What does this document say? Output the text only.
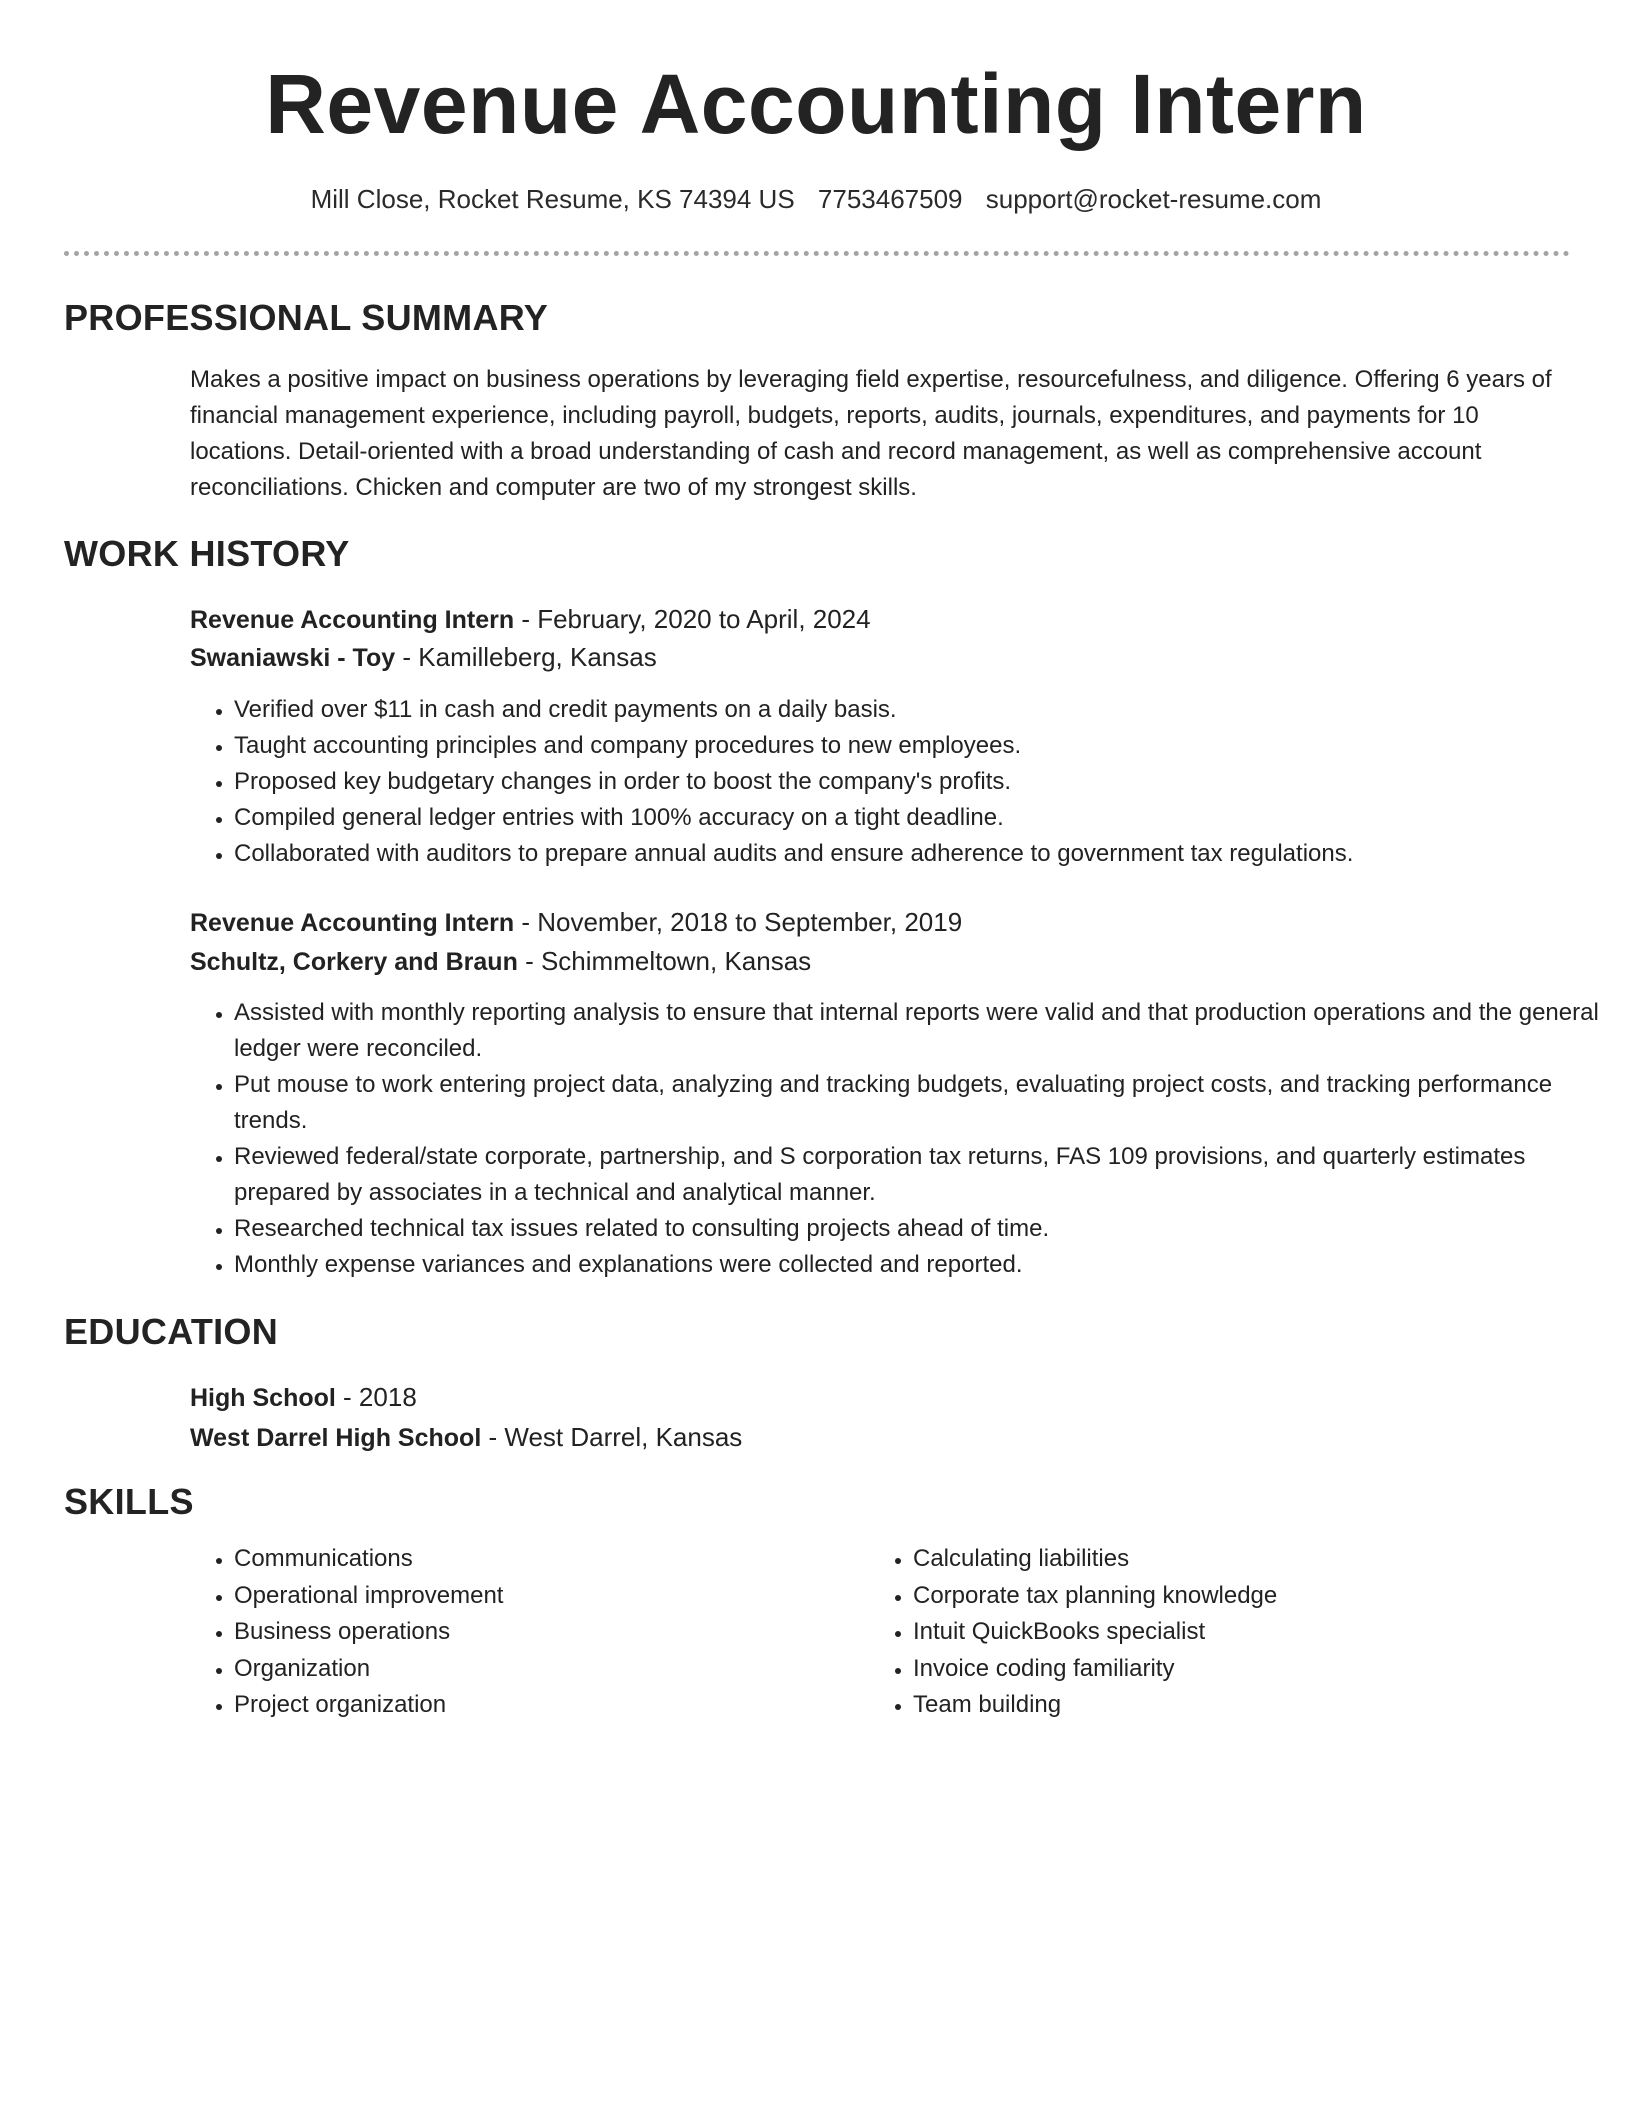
Revenue Accounting Intern
Mill Close, Rocket Resume, KS 74394 US 7753467509 support@rocket-resume.com
PROFESSIONAL SUMMARY
Makes a positive impact on business operations by leveraging field expertise, resourcefulness, and diligence. Offering 6 years of financial management experience, including payroll, budgets, reports, audits, journals, expenditures, and payments for 10 locations. Detail-oriented with a broad understanding of cash and record management, as well as comprehensive account reconciliations. Chicken and computer are two of my strongest skills.
WORK HISTORY
Revenue Accounting Intern - February, 2020 to April, 2024
Swaniawski - Toy - Kamilleberg, Kansas
• Verified over $11 in cash and credit payments on a daily basis.
• Taught accounting principles and company procedures to new employees.
• Proposed key budgetary changes in order to boost the company's profits.
• Compiled general ledger entries with 100% accuracy on a tight deadline.
• Collaborated with auditors to prepare annual audits and ensure adherence to government tax regulations.
Revenue Accounting Intern - November, 2018 to September, 2019
Schultz, Corkery and Braun - Schimmeltown, Kansas
• Assisted with monthly reporting analysis to ensure that internal reports were valid and that production operations and the general ledger were reconciled.
• Put mouse to work entering project data, analyzing and tracking budgets, evaluating project costs, and tracking performance trends.
• Reviewed federal/state corporate, partnership, and S corporation tax returns, FAS 109 provisions, and quarterly estimates prepared by associates in a technical and analytical manner.
• Researched technical tax issues related to consulting projects ahead of time.
• Monthly expense variances and explanations were collected and reported.
EDUCATION
High School - 2018
West Darrel High School - West Darrel, Kansas
SKILLS
• Communications
• Operational improvement
• Business operations
• Organization
• Project organization
• Calculating liabilities
• Corporate tax planning knowledge
• Intuit QuickBooks specialist
• Invoice coding familiarity
• Team building
